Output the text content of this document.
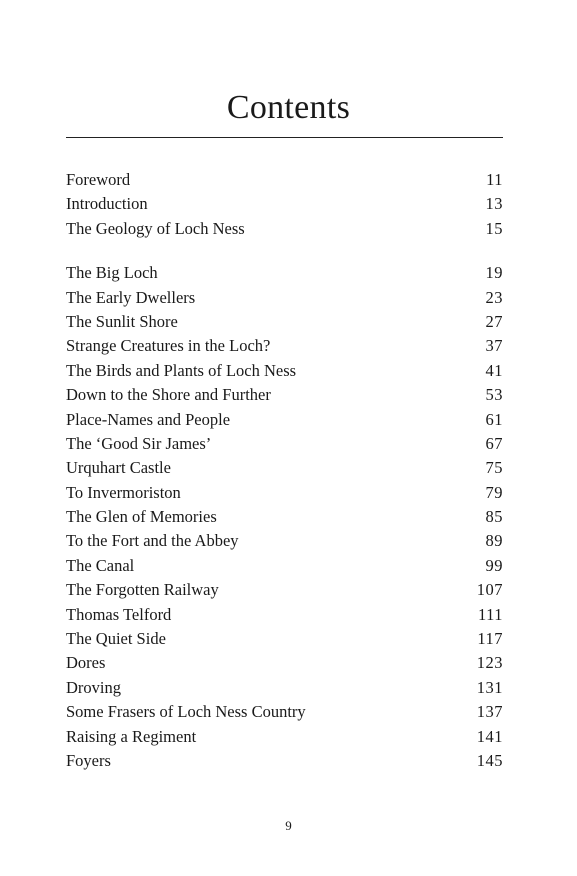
Contents
Foreword	11
Introduction	13
The Geology of Loch Ness	15
The Big Loch	19
The Early Dwellers	23
The Sunlit Shore	27
Strange Creatures in the Loch?	37
The Birds and Plants of Loch Ness	41
Down to the Shore and Further	53
Place-Names and People	61
The ‘Good Sir James’	67
Urquhart Castle	75
To Invermoriston	79
The Glen of Memories	85
To the Fort and the Abbey	89
The Canal	99
The Forgotten Railway	107
Thomas Telford	111
The Quiet Side	117
Dores	123
Droving	131
Some Frasers of Loch Ness Country	137
Raising a Regiment	141
Foyers	145
9
